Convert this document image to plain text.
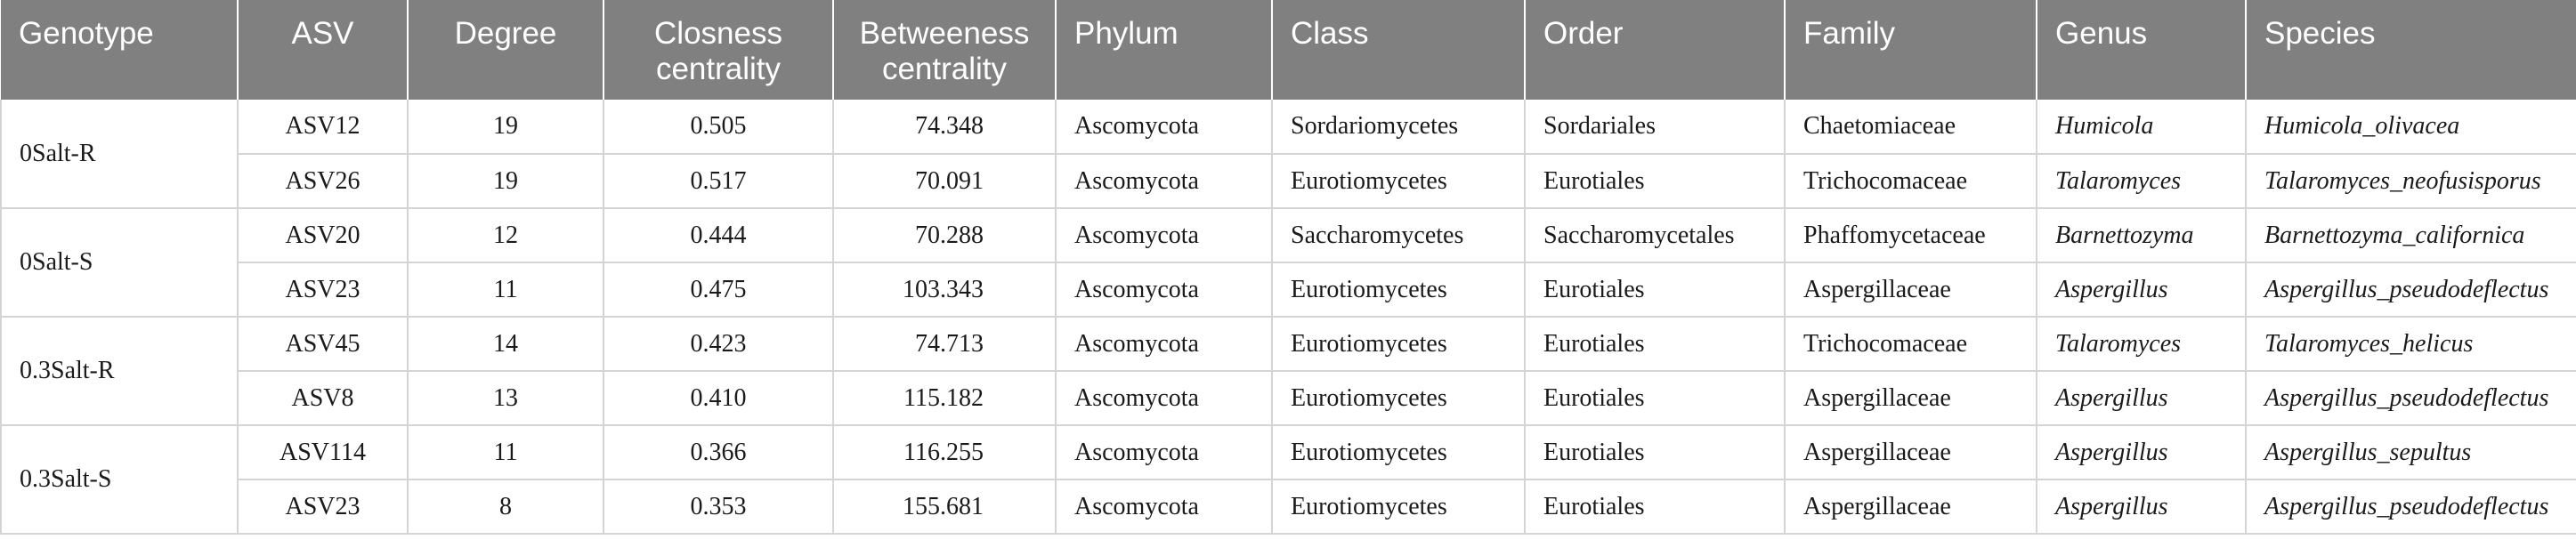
Genotype	ASV	Degree	Closness centrality	Betweeness centrality	Phylum	Class	Order	Family	Genus	Species
0Salt-R	ASV12	19	0.505	74.348	Ascomycota	Sordariomycetes	Sordariales	Chaetomiaceae	Humicola	Humicola_olivacea
	ASV26	19	0.517	70.091	Ascomycota	Eurotiomycetes	Eurotiales	Trichocomaceae	Talaromyces	Talaromyces_neofusisporus
0Salt-S	ASV20	12	0.444	70.288	Ascomycota	Saccharomycetes	Saccharomycetales	Phaffomycetaceae	Barnettozyma	Barnettozyma_californica
	ASV23	11	0.475	103.343	Ascomycota	Eurotiomycetes	Eurotiales	Aspergillaceae	Aspergillus	Aspergillus_pseudodeflectus
0.3Salt-R	ASV45	14	0.423	74.713	Ascomycota	Eurotiomycetes	Eurotiales	Trichocomaceae	Talaromyces	Talaromyces_helicus
	ASV8	13	0.410	115.182	Ascomycota	Eurotiomycetes	Eurotiales	Aspergillaceae	Aspergillus	Aspergillus_pseudodeflectus
0.3Salt-S	ASV114	11	0.366	116.255	Ascomycota	Eurotiomycetes	Eurotiales	Aspergillaceae	Aspergillus	Aspergillus_sepultus
	ASV23	8	0.353	155.681	Ascomycota	Eurotiomycetes	Eurotiales	Aspergillaceae	Aspergillus	Aspergillus_pseudodeflectus
